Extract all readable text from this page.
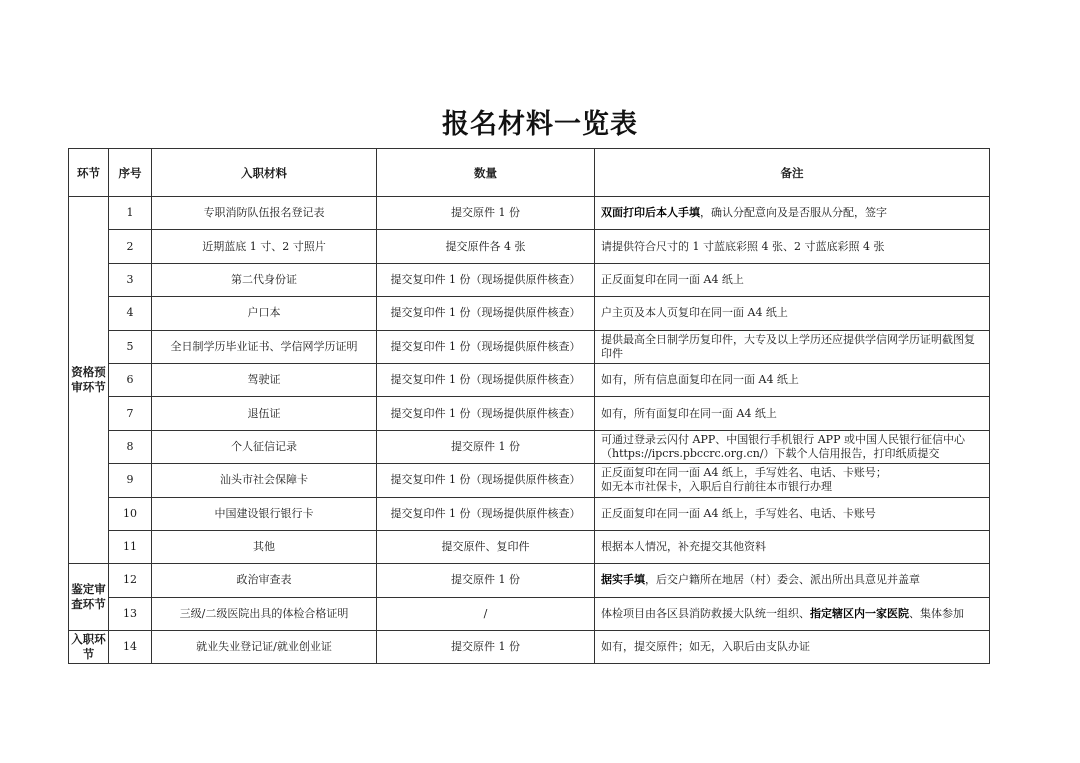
报名材料一览表
环节	序号	入职材料	数量	备注
资格预审环节	1	专职消防队伍报名登记表	提交原件 1 份	双面打印后本人手填，确认分配意向及是否服从分配，签字
	2	近期蓝底 1 寸、2 寸照片	提交原件各 4 张	请提供符合尺寸的 1 寸蓝底彩照 4 张、2 寸蓝底彩照 4 张
	3	第二代身份证	提交复印件 1 份（现场提供原件核查）	正反面复印在同一面 A4 纸上
	4	户口本	提交复印件 1 份（现场提供原件核查）	户主页及本人页复印在同一面 A4 纸上
	5	全日制学历毕业证书、学信网学历证明	提交复印件 1 份（现场提供原件核查）	提供最高全日制学历复印件，大专及以上学历还应提供学信网学历证明截图复印件
	6	驾驶证	提交复印件 1 份（现场提供原件核查）	如有，所有信息面复印在同一面 A4 纸上
	7	退伍证	提交复印件 1 份（现场提供原件核查）	如有，所有面复印在同一面 A4 纸上
	8	个人征信记录	提交原件 1 份	可通过登录云闪付 APP、中国银行手机银行 APP 或中国人民银行征信中心（https://ipcrs.pbccrc.org.cn/）下载个人信用报告，打印纸质提交
	9	汕头市社会保障卡	提交复印件 1 份（现场提供原件核查）	正反面复印在同一面 A4 纸上，手写姓名、电话、卡账号；
如无本市社保卡，入职后自行前往本市银行办理
	10	中国建设银行银行卡	提交复印件 1 份（现场提供原件核查）	正反面复印在同一面 A4 纸上，手写姓名、电话、卡账号
	11	其他	提交原件、复印件	根据本人情况，补充提交其他资料
鉴定审查环节	12	政治审查表	提交原件 1 份	据实手填，后交户籍所在地居（村）委会、派出所出具意见并盖章
	13	三级/二级医院出具的体检合格证明	/	体检项目由各区县消防救援大队统一组织、指定辖区内一家医院、集体参加
入职环节	14	就业失业登记证/就业创业证	提交原件 1 份	如有，提交原件；如无，入职后由支队办证
